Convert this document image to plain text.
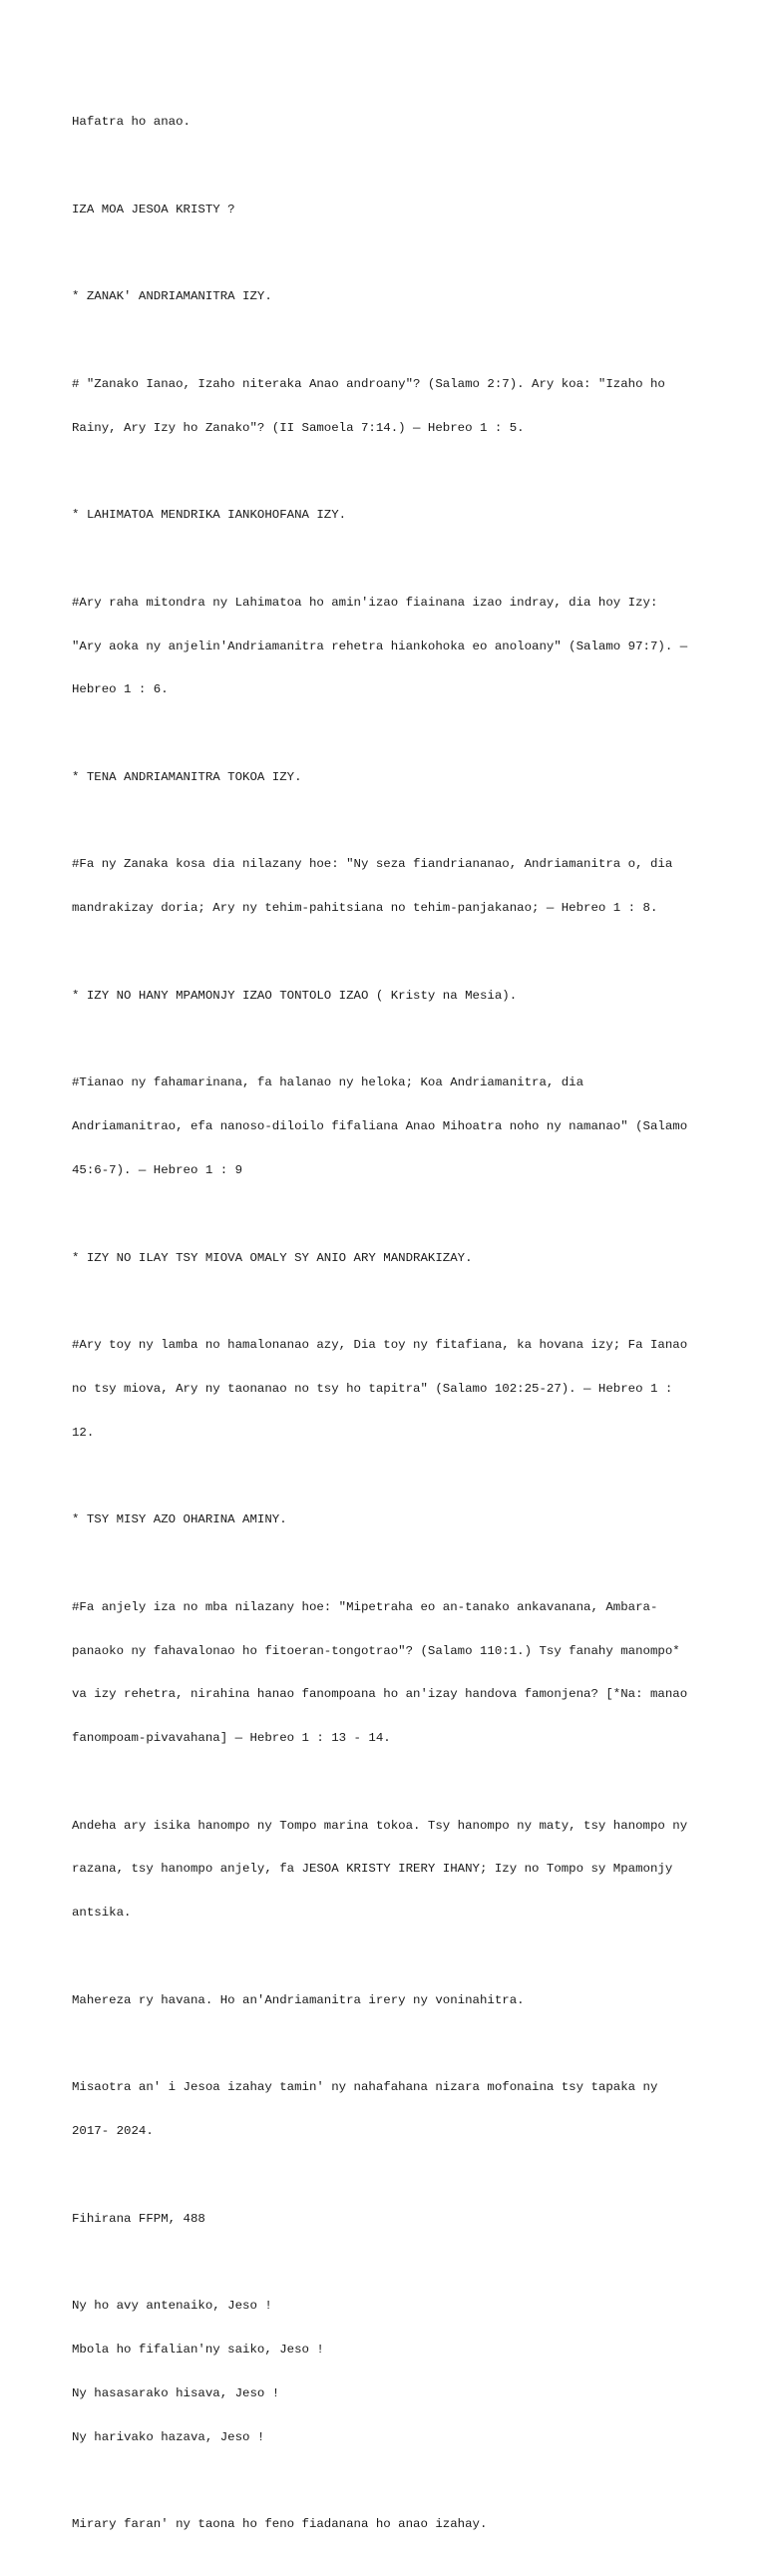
Hafatra ho anao.

IZA MOA JESOA KRISTY ?

* ZANAK' ANDRIAMANITRA IZY.

# "Zanako Ianao, Izaho niteraka Anao androany"? (Salamo 2:7). Ary koa: "Izaho ho

Rainy, Ary Izy ho Zanako"? (II Samoela 7:14.) — Hebreo 1 : 5.

* LAHIMATOA MENDRIKA IANKOHOFANA IZY.

#Ary raha mitondra ny Lahimatoa ho amin'izao fiainana izao indray, dia hoy Izy:

"Ary aoka ny anjelin'Andriamanitra rehetra hiankohoka eo anoloany" (Salamo 97:7). —

Hebreo 1 : 6.

* TENA ANDRIAMANITRA TOKOA IZY.

#Fa ny Zanaka kosa dia nilazany hoe: "Ny seza fiandriananao, Andriamanitra o, dia

mandrakizay doria; Ary ny tehim-pahitsiana no tehim-panjakanao; — Hebreo 1 : 8.

* IZY NO HANY MPAMONJY IZAO TONTOLO IZAO ( Kristy na Mesia).

#Tianao ny fahamarinana, fa halanao ny heloka; Koa Andriamanitra, dia

Andriamanitrao, efa nanoso-diloilo fifaliana Anao Mihoatra noho ny namanao" (Salamo

45:6-7). — Hebreo 1 : 9

* IZY NO ILAY TSY MIOVA OMALY SY ANIO ARY MANDRAKIZAY.

#Ary toy ny lamba no hamalonanao azy, Dia toy ny fitafiana, ka hovana izy; Fa Ianao

no tsy miova, Ary ny taonanao no tsy ho tapitra" (Salamo 102:25-27). — Hebreo 1 :

12.

* TSY MISY AZO OHARINA AMINY.

#Fa anjely iza no mba nilazany hoe: "Mipetraha eo an-tanako ankavanana, Ambara-

panaoko ny fahavalonao ho fitoeran-tongotrao"? (Salamo 110:1.) Tsy fanahy manompo*

va izy rehetra, nirahina hanao fanompoana ho an'izay handova famonjena? [*Na: manao

fanompoam-pivavahana] — Hebreo 1 : 13 - 14.

Andeha ary isika hanompo ny Tompo marina tokoa. Tsy hanompo ny maty, tsy hanompo ny

razana, tsy hanompo anjely, fa JESOA KRISTY IRERY IHANY; Izy no Tompo sy Mpamonjy

antsika.

Mahereza ry havana. Ho an'Andriamanitra irery ny voninahitra.

Misaotra an' i Jesoa izahay tamin' ny nahafahana nizara mofonaina tsy tapaka ny

2017- 2024.

Fihirana FFPM, 488

Ny ho avy antenaiko, Jeso !

Mbola ho fifalian'ny saiko, Jeso !

Ny hasasarako hisava, Jeso !

Ny harivako hazava, Jeso !

Mirary faran' ny taona ho feno fiadanana ho anao izahay.
